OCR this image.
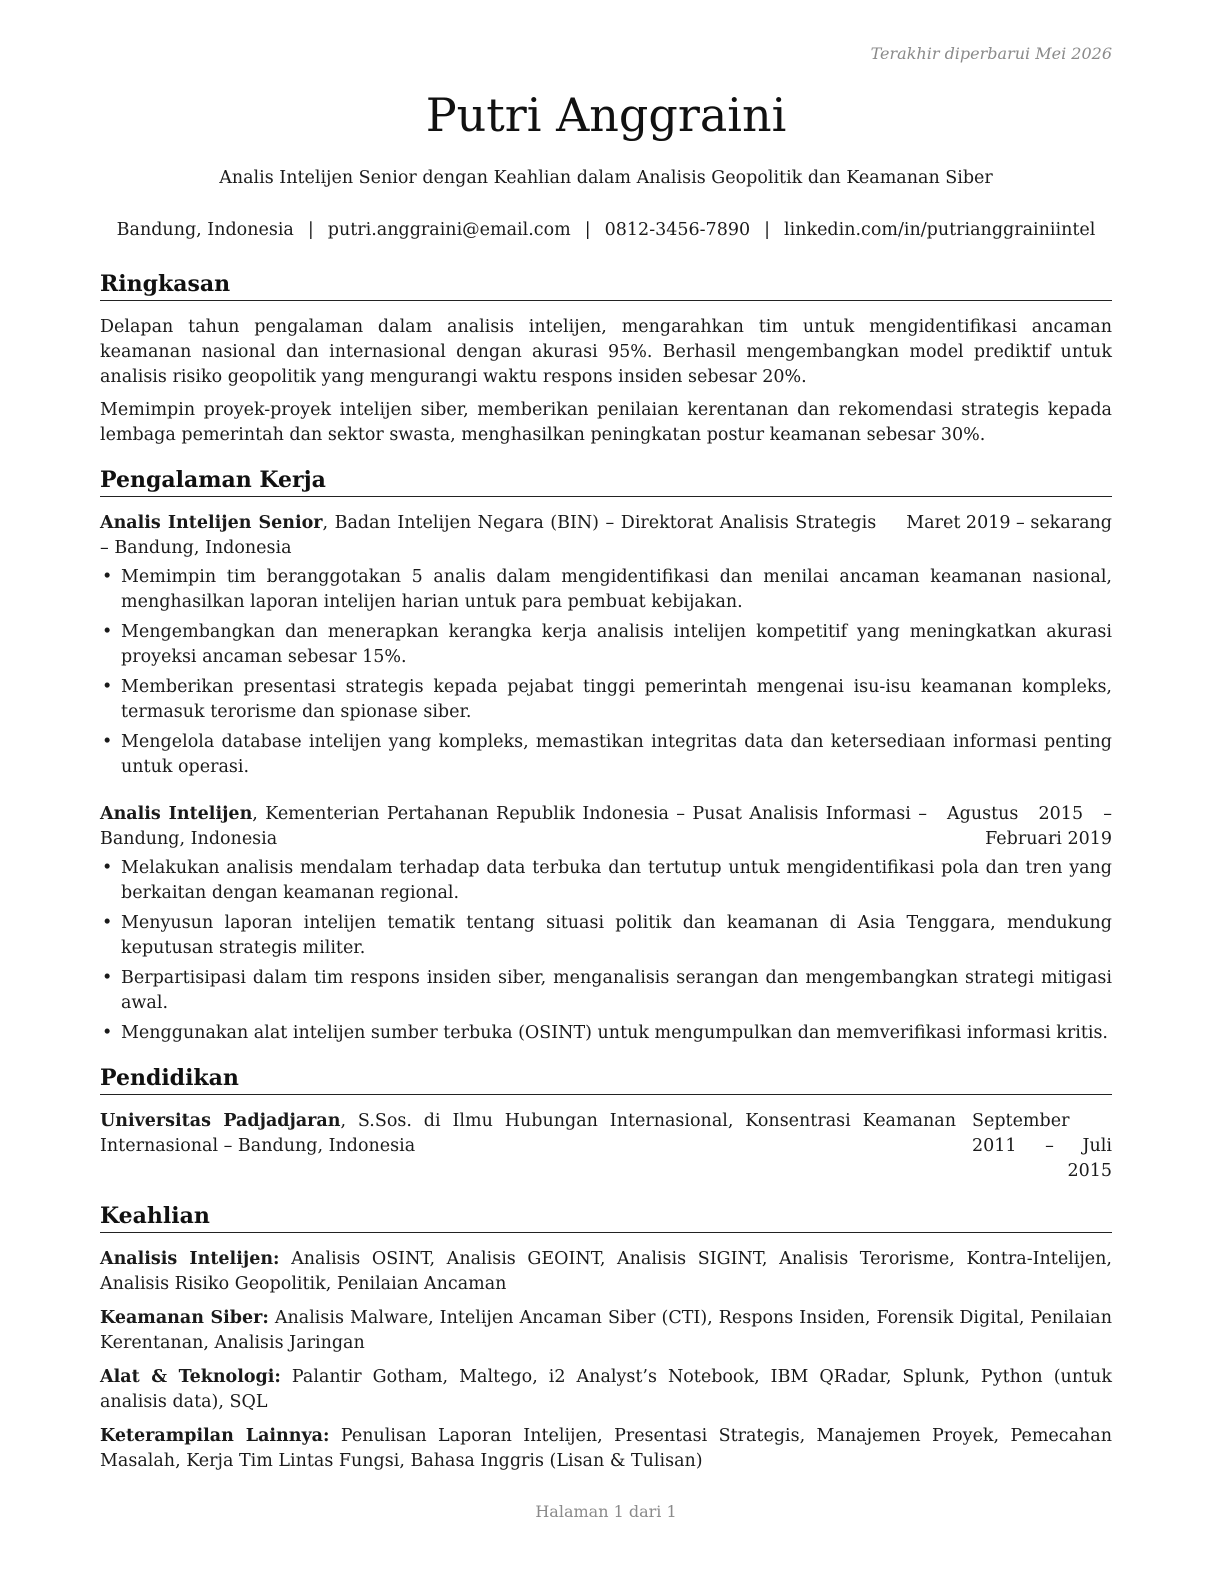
Terakhir diperbarui Mei 2026
Putri Anggraini
Analis Intelijen Senior dengan Keahlian dalam Analisis Geopolitik dan Keamanan Siber
Bandung, Indonesia | putri.anggraini@email.com | 0812-3456-7890 | linkedin.com/in/putrianggrainiintel
Ringkasan

Delapan tahun pengalaman dalam analisis intelijen, mengarahkan tim untuk mengidentifikasi ancaman keamanan nasional dan internasional dengan akurasi 95%. Berhasil mengembangkan model prediktif untuk analisis risiko geopolitik yang mengurangi waktu respons insiden sebesar 20%.

Memimpin proyek-proyek intelijen siber, memberikan penilaian kerentanan dan rekomendasi strategis kepada lembaga pemerintah dan sektor swasta, menghasilkan peningkatan postur keamanan sebesar 30%.

Pengalaman Kerja
Analis Intelijen Senior, Badan Intelijen Negara (BIN) – Direktorat Analisis Strategis – Bandung, Indonesia
Maret 2019 – sekarang
• Memimpin tim beranggotakan 5 analis dalam mengidentifikasi dan menilai ancaman keamanan nasional, menghasilkan laporan intelijen harian untuk para pembuat kebijakan.
• Mengembangkan dan menerapkan kerangka kerja analisis intelijen kompetitif yang meningkatkan akurasi proyeksi ancaman sebesar 15%.
• Memberikan presentasi strategis kepada pejabat tinggi pemerintah mengenai isu-isu keamanan kompleks, termasuk terorisme dan spionase siber.
• Mengelola database intelijen yang kompleks, memastikan integritas data dan ketersediaan informasi penting untuk operasi.
Analis Intelijen, Kementerian Pertahanan Republik Indonesia – Pusat Analisis Informasi – Bandung, Indonesia
Agustus 2015 – Februari 2019
• Melakukan analisis mendalam terhadap data terbuka dan tertutup untuk mengidentifikasi pola dan tren yang berkaitan dengan keamanan regional.
• Menyusun laporan intelijen tematik tentang situasi politik dan keamanan di Asia Tenggara, mendukung keputusan strategis militer.
• Berpartisipasi dalam tim respons insiden siber, menganalisis serangan dan mengembangkan strategi mitigasi awal.
• Menggunakan alat intelijen sumber terbuka (OSINT) untuk mengumpulkan dan memverifikasi informasi kritis.
Pendidikan
Universitas Padjadjaran, S.Sos. di Ilmu Hubungan Internasional, Konsentrasi Keamanan Internasional – Bandung, Indonesia
September 2011 – Juli 2015
Keahlian

Analisis Intelijen: Analisis OSINT, Analisis GEOINT, Analisis SIGINT, Analisis Terorisme, Kontra-Intelijen, Analisis Risiko Geopolitik, Penilaian Ancaman

Keamanan Siber: Analisis Malware, Intelijen Ancaman Siber (CTI), Respons Insiden, Forensik Digital, Penilaian Kerentanan, Analisis Jaringan

Alat & Teknologi: Palantir Gotham, Maltego, i2 Analyst’s Notebook, IBM QRadar, Splunk, Python (untuk analisis data), SQL

Keterampilan Lainnya: Penulisan Laporan Intelijen, Presentasi Strategis, Manajemen Proyek, Pemecahan Masalah, Kerja Tim Lintas Fungsi, Bahasa Inggris (Lisan & Tulisan)

Halaman 1 dari 1
